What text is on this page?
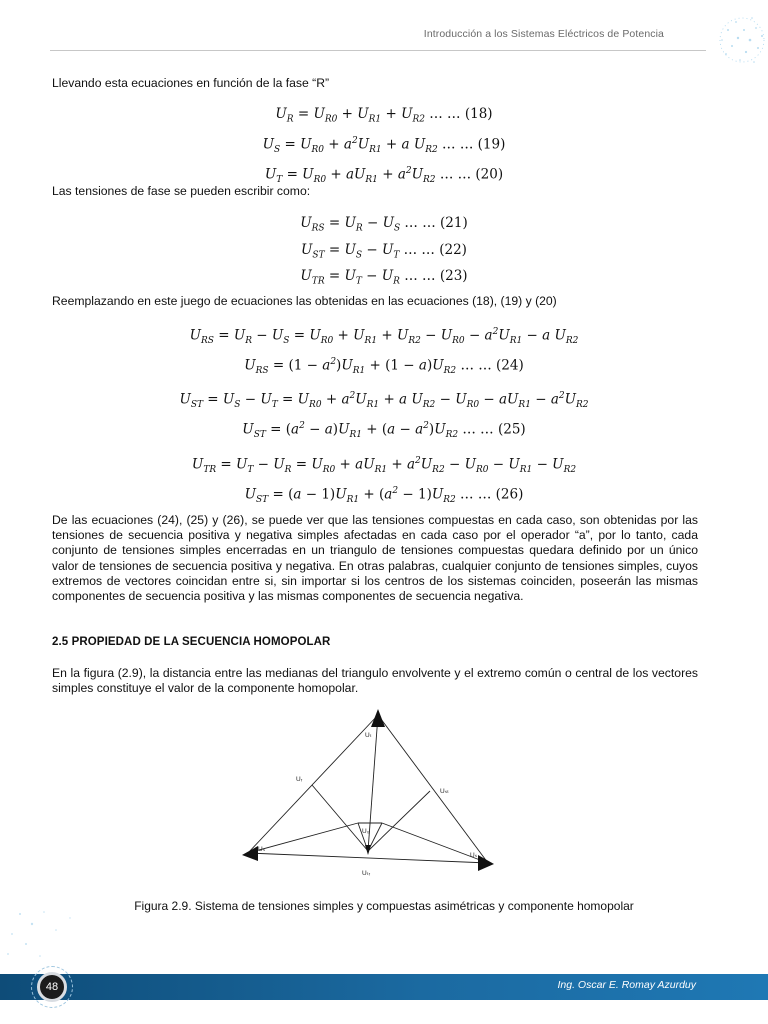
Introducción a los Sistemas Eléctricos de Potencia

Llevando esta ecuaciones en función de la fase “R”

$U_R = U_{R0} + U_{R1} + U_{R2}$ … … (18)
$U_S = U_{R0} + a^2U_{R1} + a$ $U_{R2}$ … … (19)
$U_T = U_{R0} + aU_{R1} + a^2U_{R2}$ … … (20)

Las tensiones de fase se pueden escribir como:

$U_{RS} = U_R - U_S$ … … (21)
$U_{ST} = U_S - U_T$ … … (22)
$U_{TR} = U_T - U_R$ … … (23)

Reemplazando en este juego de ecuaciones las obtenidas en las ecuaciones (18), (19) y (20)

$U_{RS} = U_R - U_S = U_{R0} + U_{R1} + U_{R2} - U_{R0} - a^2U_{R1} - a$ $U_{R2}$
$U_{RS} = (1 - a^2)U_{R1} + (1 - a)U_{R2}$ … … (24)
$U_{ST} = U_S - U_T = U_{R0} + a^2U_{R1} + a$ $U_{R2} - U_{R0} - aU_{R1} - a^2U_{R2}$
$U_{ST} = (a^2 - a)U_{R1} + (a - a^2)U_{R2}$ … … (25)
$U_{TR} = U_T - U_R = U_{R0} + aU_{R1} + a^2U_{R2} - U_{R0} - U_{R1} - U_{R2}$
$U_{ST} = (a - 1)U_{R1} + (a^2 - 1)U_{R2}$ … … (26)

De las ecuaciones (24), (25) y (26), se puede ver que las tensiones compuestas en cada caso, son obtenidas por las tensiones de secuencia positiva y negativa simples afectadas en cada caso por el operador “a”, por lo tanto, cada conjunto de tensiones simples encerradas en un triangulo de tensiones compuestas quedara definido por un único valor de tensiones de secuencia positiva y negativa. En otras palabras, cualquier conjunto de tensiones simples, cuyos extremos de vectores coincidan entre si, sin importar si los centros de los sistemas coinciden, poseerán las mismas componentes de secuencia positiva y las mismas componentes de secuencia negativa.

2.5 PROPIEDAD DE LA SECUENCIA HOMOPOLAR

En la figura (2.9), la distancia entre las medianas del triangulo envolvente y el extremo común o central de los vectores simples constituye el valor de la componente homopolar.

Uₜ
Uᵣ
Uₛₜ
U₀
Uₛ
Uₛ
Uₜᵣ
Figura 2.9. Sistema de tensiones simples y compuestas asimétricas y componente homopolar
48	Ing. Oscar E. Romay Azurduy
